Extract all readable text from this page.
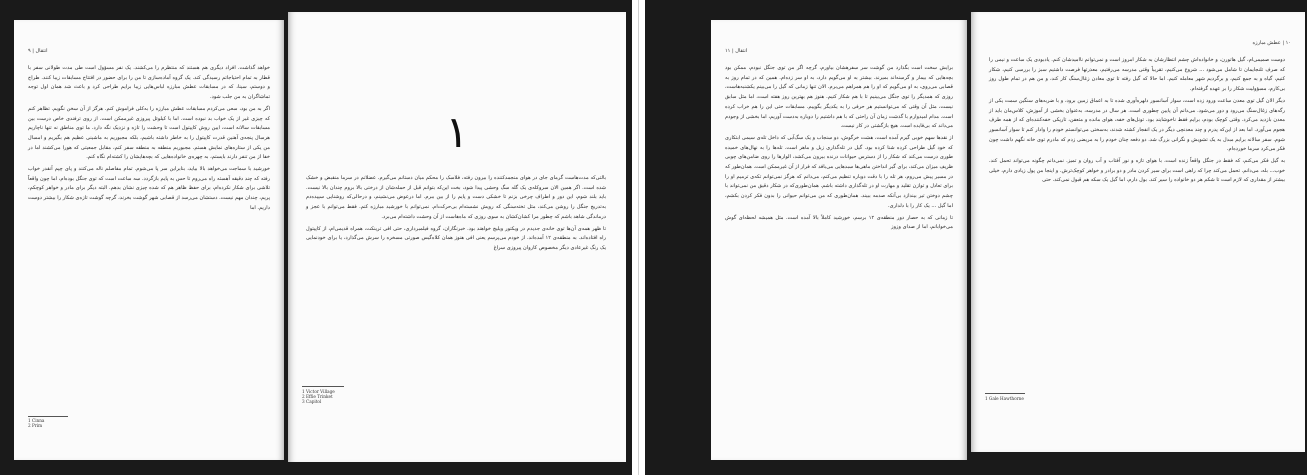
انتقال | ۹

خواهد گذاشت. افراد دیگری هم هستند که منتظرم را می‌کشند. یک نفر مسؤول است طی مدت طولانی سفر با قطار به تمام احتیاجاتم رسیدگی کند. یک گروه آماده‌سازی تا من را برای حضور در افتتاح مسابقات زیبا کنند. طراح و دوستم، سینا، که در مسابقات عطش مبارزه لباس‌هایی زیبا برایم طراحی کرد و باعث شد همان اول توجه تماشاگران به من جلب شود.

اگر به من بود، سعی می‌کردم مسابقات عطش مبارزه را به‌کلی فراموش کنم. هرگز از آن سخن نگویم. تظاهر کنم که چیزی غیر از یک خواب بد نبوده است. اما با کیلوئل پیروزی غیرممکن است. از روی ترفندی خاص درست بین مسابقات سالانه است، ایین روش کاپیتول است تا وحشت را تازه و نزدیک نگه دارد. ما توی مناطق نه تنها ناچاریم هرسال پنجه‌ی آهنین قدرت کاپیتول را به خاطر داشته باشیم، بلکه مجبوریم به ماشینی عظیم هم بگیریم و امسال من یکی از ستاره‌های نمایش هستم. مجبوریم منطقه به منطقه سفر کنم، مقابل جمعیتی که هورا می‌کشند اما در خفا از من تنفر دارند بایستم، به چهره‌ی خانواده‌هایی که بچه‌هایشان را کشته‌ام نگاه کنم.

خورشید با سماجت می‌خواهد بالا بیاید، بنابراین سر پا می‌شوم. تمام مفاصلم ناله می‌کنند و پای چپم آنقدر خواب رفته که چند دقیقه آهسته راه می‌روم تا حس به پایم بازگردد. سه ساعت است که توی جنگل بوده‌ام، اما چون واقعاً تلاشی برای شکار نکرده‌ام، برای حفظ ظاهر هم که شده چیزی نشان بدهم. البته دیگر برای مادر و خواهر کوچکم، پریم، چندان مهم نیست. دستشان می‌رسد از قصابی شهر گوشت بخرند، گرچه گوشت تازه‌ی شکار را بیشتر دوست داریم. اما

1 Cinna
2 Prim
۱

بالتی‌که مدت‌هاست گرمای جای در هوای منجمدکننده را بیرون رفته، فلاسک را محکم میان دستانم می‌گیرم. عضلاتم در سرما منقبض و خشک شده است. اگر همین الان سروکله‌ی یک گله سگ وحشی پیدا شود، بخت این‌که بتوانم قبل از حمله‌شان از درختی بالا بروم چندان بالا نیست. باید بلند شوم، این دور و اطراف چرخی بزنم تا خشکی دست و پایم را از بین ببرم. اما درعوض می‌نشینم، و درحالی‌که روشنایی سپیده‌دم به‌تدریج جنگل را روشن می‌کند، مثل تخته‌سنگی که رویش نشسته‌ام بی‌حرکت‌ام. نمی‌توانم با خورشید مبارزه کنم. فقط می‌توانم با عجز و درماندگی شاهد باشم که چطور مرا کشان‌کشان به سوی روزی که ماه‌هاست از آن وحشت داشته‌ام می‌برد.

تا ظهر همه‌ی آن‌ها توی خانه‌ی جدیدم در ویکتور ویلیج خواهند بود. خبرنگاران، گروه فیلمبرداری، حتی افی ترینکت، همراه قدیمی‌ام، از کاپیتول راه افتاده‌اند. به منطقه‌ی ۱۲ آمده‌اند. از خودم می‌پرسم یعنی افی هنوز همان کلاه‌گیس صورتی مسخره را سرش می‌گذارد، یا برای خودنمایی یک رنگ غیرعادی دیگر مخصوص کاروان پیروزی سراغ

1 Victor Village
2 Effie Trinket
3 Capitol
انتقال | ۱۱

برایش سخت است بگذارد من گوشت سر سفرهشان بیاورم، گرچه اگر من توی جنگل نبودم، ممکن بود بچه‌هایی که بیمار و گرسنه‌اند بمیرند. بیشتر به او می‌گویم دارد، به او سر زده‌ام. همین که در تمام روز به قصابی می‌روی، به او می‌گویم که او را هم همراهم می‌برم. الان تنها زمانی که گیل را می‌بینم یکشنبه‌هاست، روزی که همدیگر را توی جنگل می‌بینیم تا با هم شکار کنیم. هنوز هم بهترین روز هفته است، اما مثل سابق نیست، مثل آن وقتی که می‌توانستیم هر حرفی را به یکدیگر بگوییم. مسابقات حتی این را هم خراب کرده است. مدام امیدوارم با گذشت زمان آن راحتی که با هم داشتیم را دوباره به‌دست آوریم، اما بخشی از وجودم می‌داند که بی‌فایده است. هیچ بازگشتی در کار نیست.

از نقدها سهم خوبی گیرم آمده است، هشت خرگوش، دو سنجاب و یک سگ‌آبی که داخل تله‌ی سیمی ابتکاری که خود گیل طراحی کرده شنا کرده بود. گیل در تله‌گذاری زبل و ماهر است. تله‌ها را به نهال‌های خمیده طوری درست می‌کند که شکار را از دسترس حیوانات درنده بیرون می‌کشد، الوارها را روی ضامن‌های چوبی ظریف میزان می‌کند، برای گیر انداختن ماهی‌ها سبدهایی می‌بافد که فرار از آن غیرممکن است. همان‌طور که در مسیر پیش می‌روم، هر تله را با دقت دوباره تنظیم می‌کنم، می‌دانم که هرگز نمی‌توانم تکه‌ی ترمیم او را برای تعادل و توازن تقلید و مهارت او در تله‌گذاری داشته باشم. همان‌طوری‌که در شکار دقیق من نمی‌تواند با چشم دوختن تیر بیندازد بی‌آنکه صدمه ببیند. همان‌طوری که من می‌توانم حیوانی را بدون فکر کردن بکشم، اما گیل ... یک کار را با دلداری.

تا زمانی که به حصار دور منطقه‌ی ۱۲ برسم، خورشید کاملاً بالا آمده است. مثل همیشه لحظه‌ای گوش می‌خوابانم، اما از صدای وزوز

۱۰ | عطش مبارزه

دوست صمیمی‌ام، گیل هاتورن، و خانواده‌اش چشم انتظارشان به شکار امروز است و نمی‌توانم ناامیدشان کنم. یادبودی یک ساعت و نیمی را که صرف تلنجایمان تا شامل می‌شود ... شروع می‌کنیم، تقریباً وقتی مدرسه می‌رفتیم، معذرتها فرصت داشتیم سبز را بررسی کنیم، شکار کنیم، گیاه و به جمع کنیم، و برگردیم شهر معامله کنیم. اما حالا که گیل رفته تا توی معادن زغال‌سنگ کار کند، و من هم در تمام طول روز بی‌کارم، مسؤولیت شکار را بر عهده گرفته‌ام.

دیگر الان گیل توی معدن ساعت ورود زده است، سوار آسانسور دلهره‌آوری شده تا به اعماق زمین برود، و با ضربه‌های سنگین سمت یکی از رگه‌های زغال‌سنگ می‌رود و دور می‌شود. می‌دانم آن پایین چطوری است. هر سال در مدرسه، به‌عنوان بخشی از آموزش، کلاس‌مان باید از معدن بازدید می‌کرد. وقتی کوچک بودم، برایم فقط ناخوشایند بود. تونل‌های خفه، هوای مانده و متعفن، تاریکی خفه‌کننده‌ای که از همه طرف هجوم می‌آورد. اما بعد از این‌که پدرم و چند معدنچی دیگر در یک انفجار کشته شدند، به‌سختی می‌توانستم خودم را وادار کنم تا سوار آسانسور شوم. سفر سالانه برایم مبدل به یک تشویش و نگرانی بزرگ شد. دو دفعه چنان خودم را به مریضی زدم که مادرم توی خانه نگهم داشت چون فکر می‌کرد سرما خورده‌ام.

به گیل فکر می‌کنم، که فقط در جنگل واقعاً زنده است، با هوای تازه و نور آفتاب و آب روان و تمیز. نمی‌دانم چگونه می‌تواند تحمل کند. خوب... بله، می‌دانم. تحمل می‌کند چرا که راهی است برای سیر کردن مادر و دو برادر و خواهر کوچک‌ترش. و اینجا من پول زیادی دارم، خیلی بیشتر از مقداری که لازم است تا شکم هر دو خانواده را سیر کند. بول دارم، اما گیل یک سکه هم قبول نمی‌کند. حتی

1 Gale Hawthorne
